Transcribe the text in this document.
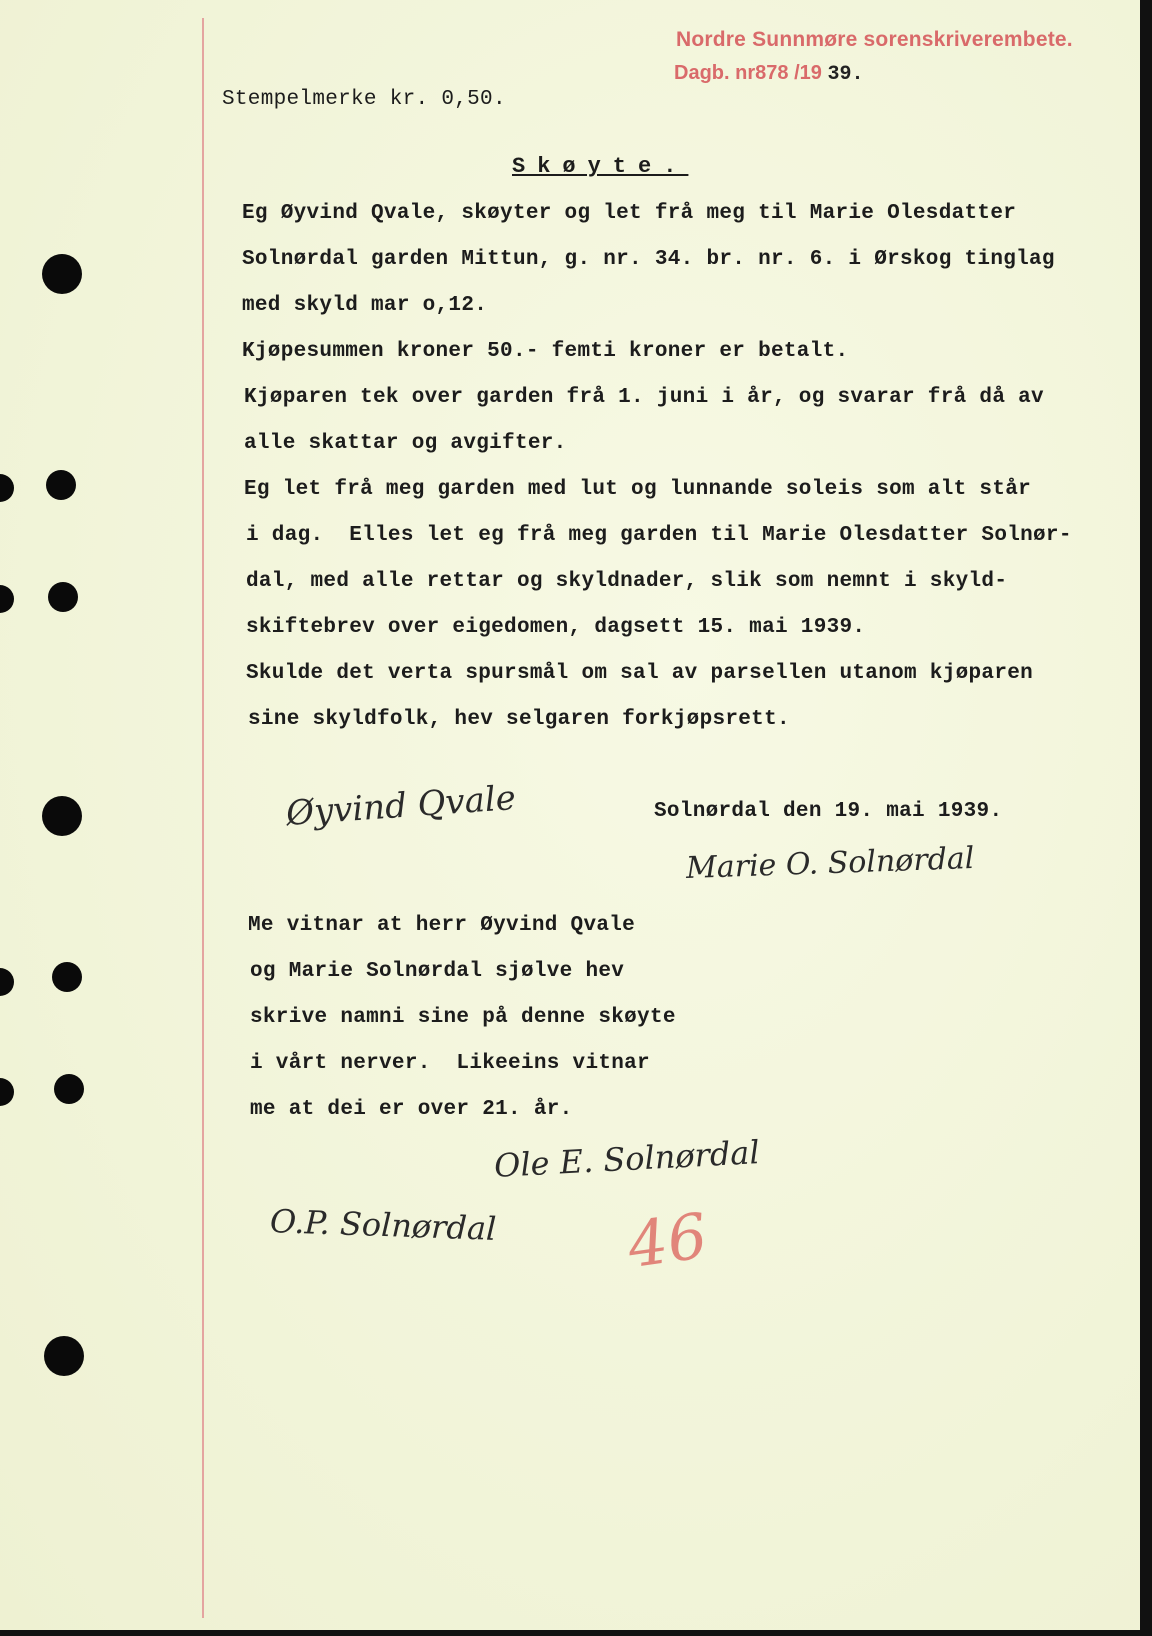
Nordre Sunnmøre sorenskriverembete.
Dagb. nr878 /19 39.
Stempelmerke kr. 0,50.
Skøyte.
Eg Øyvind Qvale, skøyter og let frå meg til Marie Olesdatter
Solnørdal garden Mittun, g. nr. 34. br. nr. 6. i Ørskog tinglag
med skyld mar o,12.
Kjøpesummen kroner 50.- femti kroner er betalt.
Kjøparen tek over garden frå 1. juni i år, og svarar frå då av
alle skattar og avgifter.
Eg let frå meg garden med lut og lunnande soleis som alt står
i dag.  Elles let eg frå meg garden til Marie Olesdatter Solnør-
dal, med alle rettar og skyldnader, slik som nemnt i skyld-
skiftebrev over eigedomen, dagsett 15. mai 1939.
Skulde det verta spursmål om sal av parsellen utanom kjøparen
sine skyldfolk, hev selgaren forkjøpsrett.
Øyvind Qvale	Solnørdal den 19. mai 1939.
Marie O. Solnørdal
Me vitnar at herr Øyvind Qvale
og Marie Solnørdal sjølve hev
skrive namni sine på denne skøyte
i vårt nerver.  Likeeins vitnar
me at dei er over 21. år.
Ole E. Solnørdal
O.P. Solnørdal 46
